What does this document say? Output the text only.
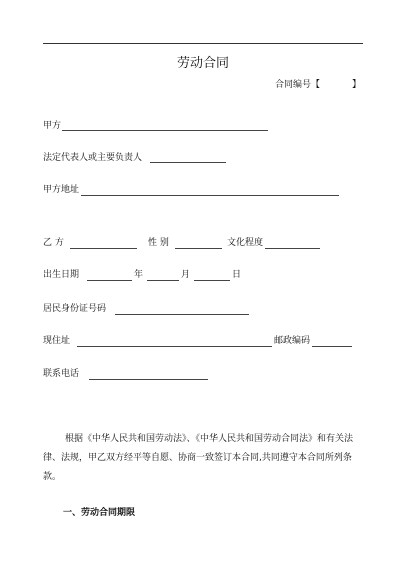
劳动合同
合同编号【	】
甲方
法定代表人或主要负责人
甲方地址
乙 方	性 别	文化程度
出生日期	年	月	日
居民身份证号码
现住址	邮政编码
联系电话
根据《中华人民共和国劳动法》、《中华人民共和国劳动合同法》和有关法律、法规，甲乙双方经平等自愿、协商一致签订本合同,共同遵守本合同所列条款。
一、劳动合同期限
